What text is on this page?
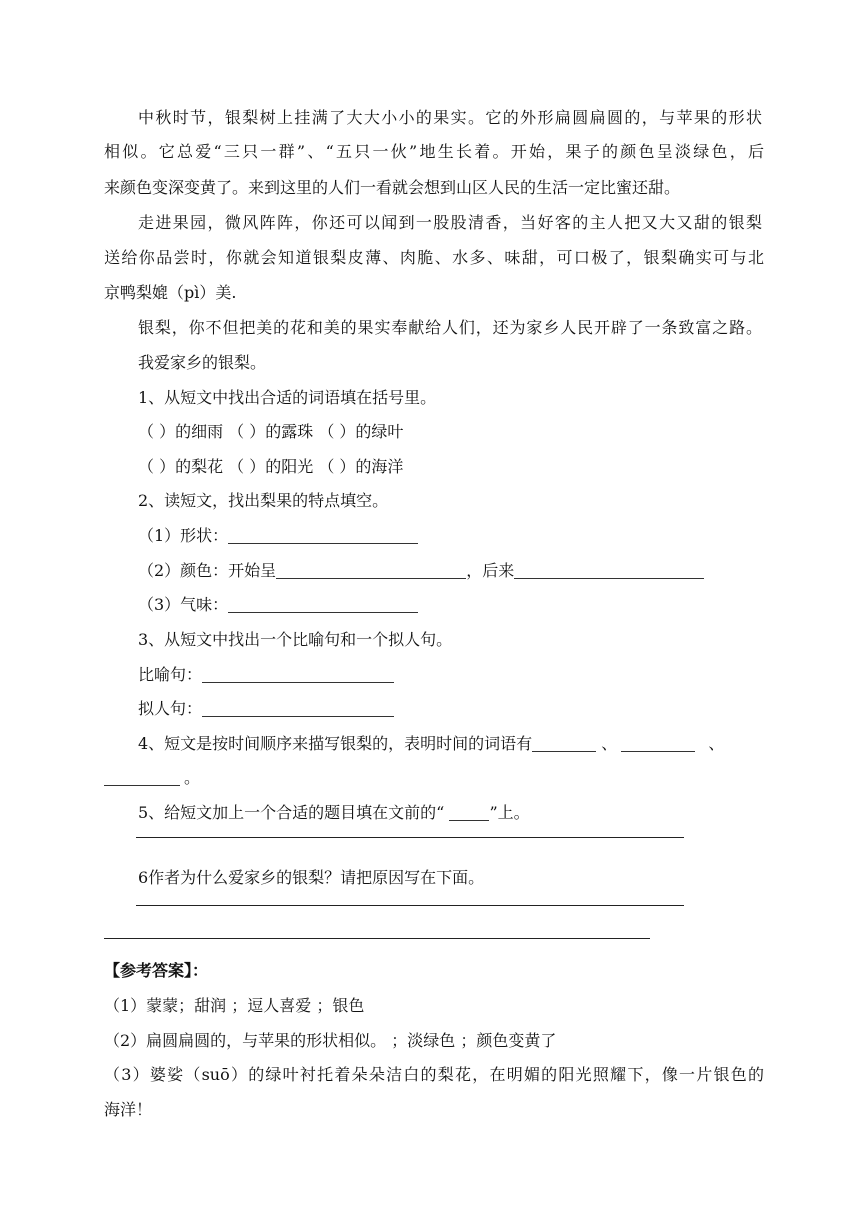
中秋时节，银梨树上挂满了大大小小的果实。它的外形扁圆扁圆的，与苹果的形状
相似。它总爱“三只一群”、“五只一伙”地生长着。开始，果子的颜色呈淡绿色，后
来颜色变深变黄了。来到这里的人们一看就会想到山区人民的生活一定比蜜还甜。
走进果园，微风阵阵，你还可以闻到一股股清香，当好客的主人把又大又甜的银梨
送给你品尝时，你就会知道银梨皮薄、肉脆、水多、味甜，可口极了，银梨确实可与北
京鸭梨媲（pì）美.
银梨，你不但把美的花和美的果实奉献给人们，还为家乡人民开辟了一条致富之路。
我爱家乡的银梨。
1、从短文中找出合适的词语填在括号里。
（ ）的细雨 （ ）的露珠 （ ）的绿叶
（ ）的梨花 （ ）的阳光 （ ）的海洋
2、读短文，找出梨果的特点填空。
（1）形状：
（2）颜色：开始呈	，后来
（3）气味：
3、从短文中找出一个比喻句和一个拟人句。
比喻句：
拟人句：
4、短文是按时间顺序来描写银梨的，表明时间的词语有	、	、
。
5、给短文加上一个合适的题目填在文前的“	”上。
6作者为什么爱家乡的银梨？请把原因写在下面。
【参考答案】：
（1）蒙蒙；甜润 ；逗人喜爱 ；银色
（2）扁圆扁圆的，与苹果的形状相似。 ；淡绿色 ；颜色变黄了
（3）婆娑（suō）的绿叶衬托着朵朵洁白的梨花，在明媚的阳光照耀下，像一片银色的
海洋！
